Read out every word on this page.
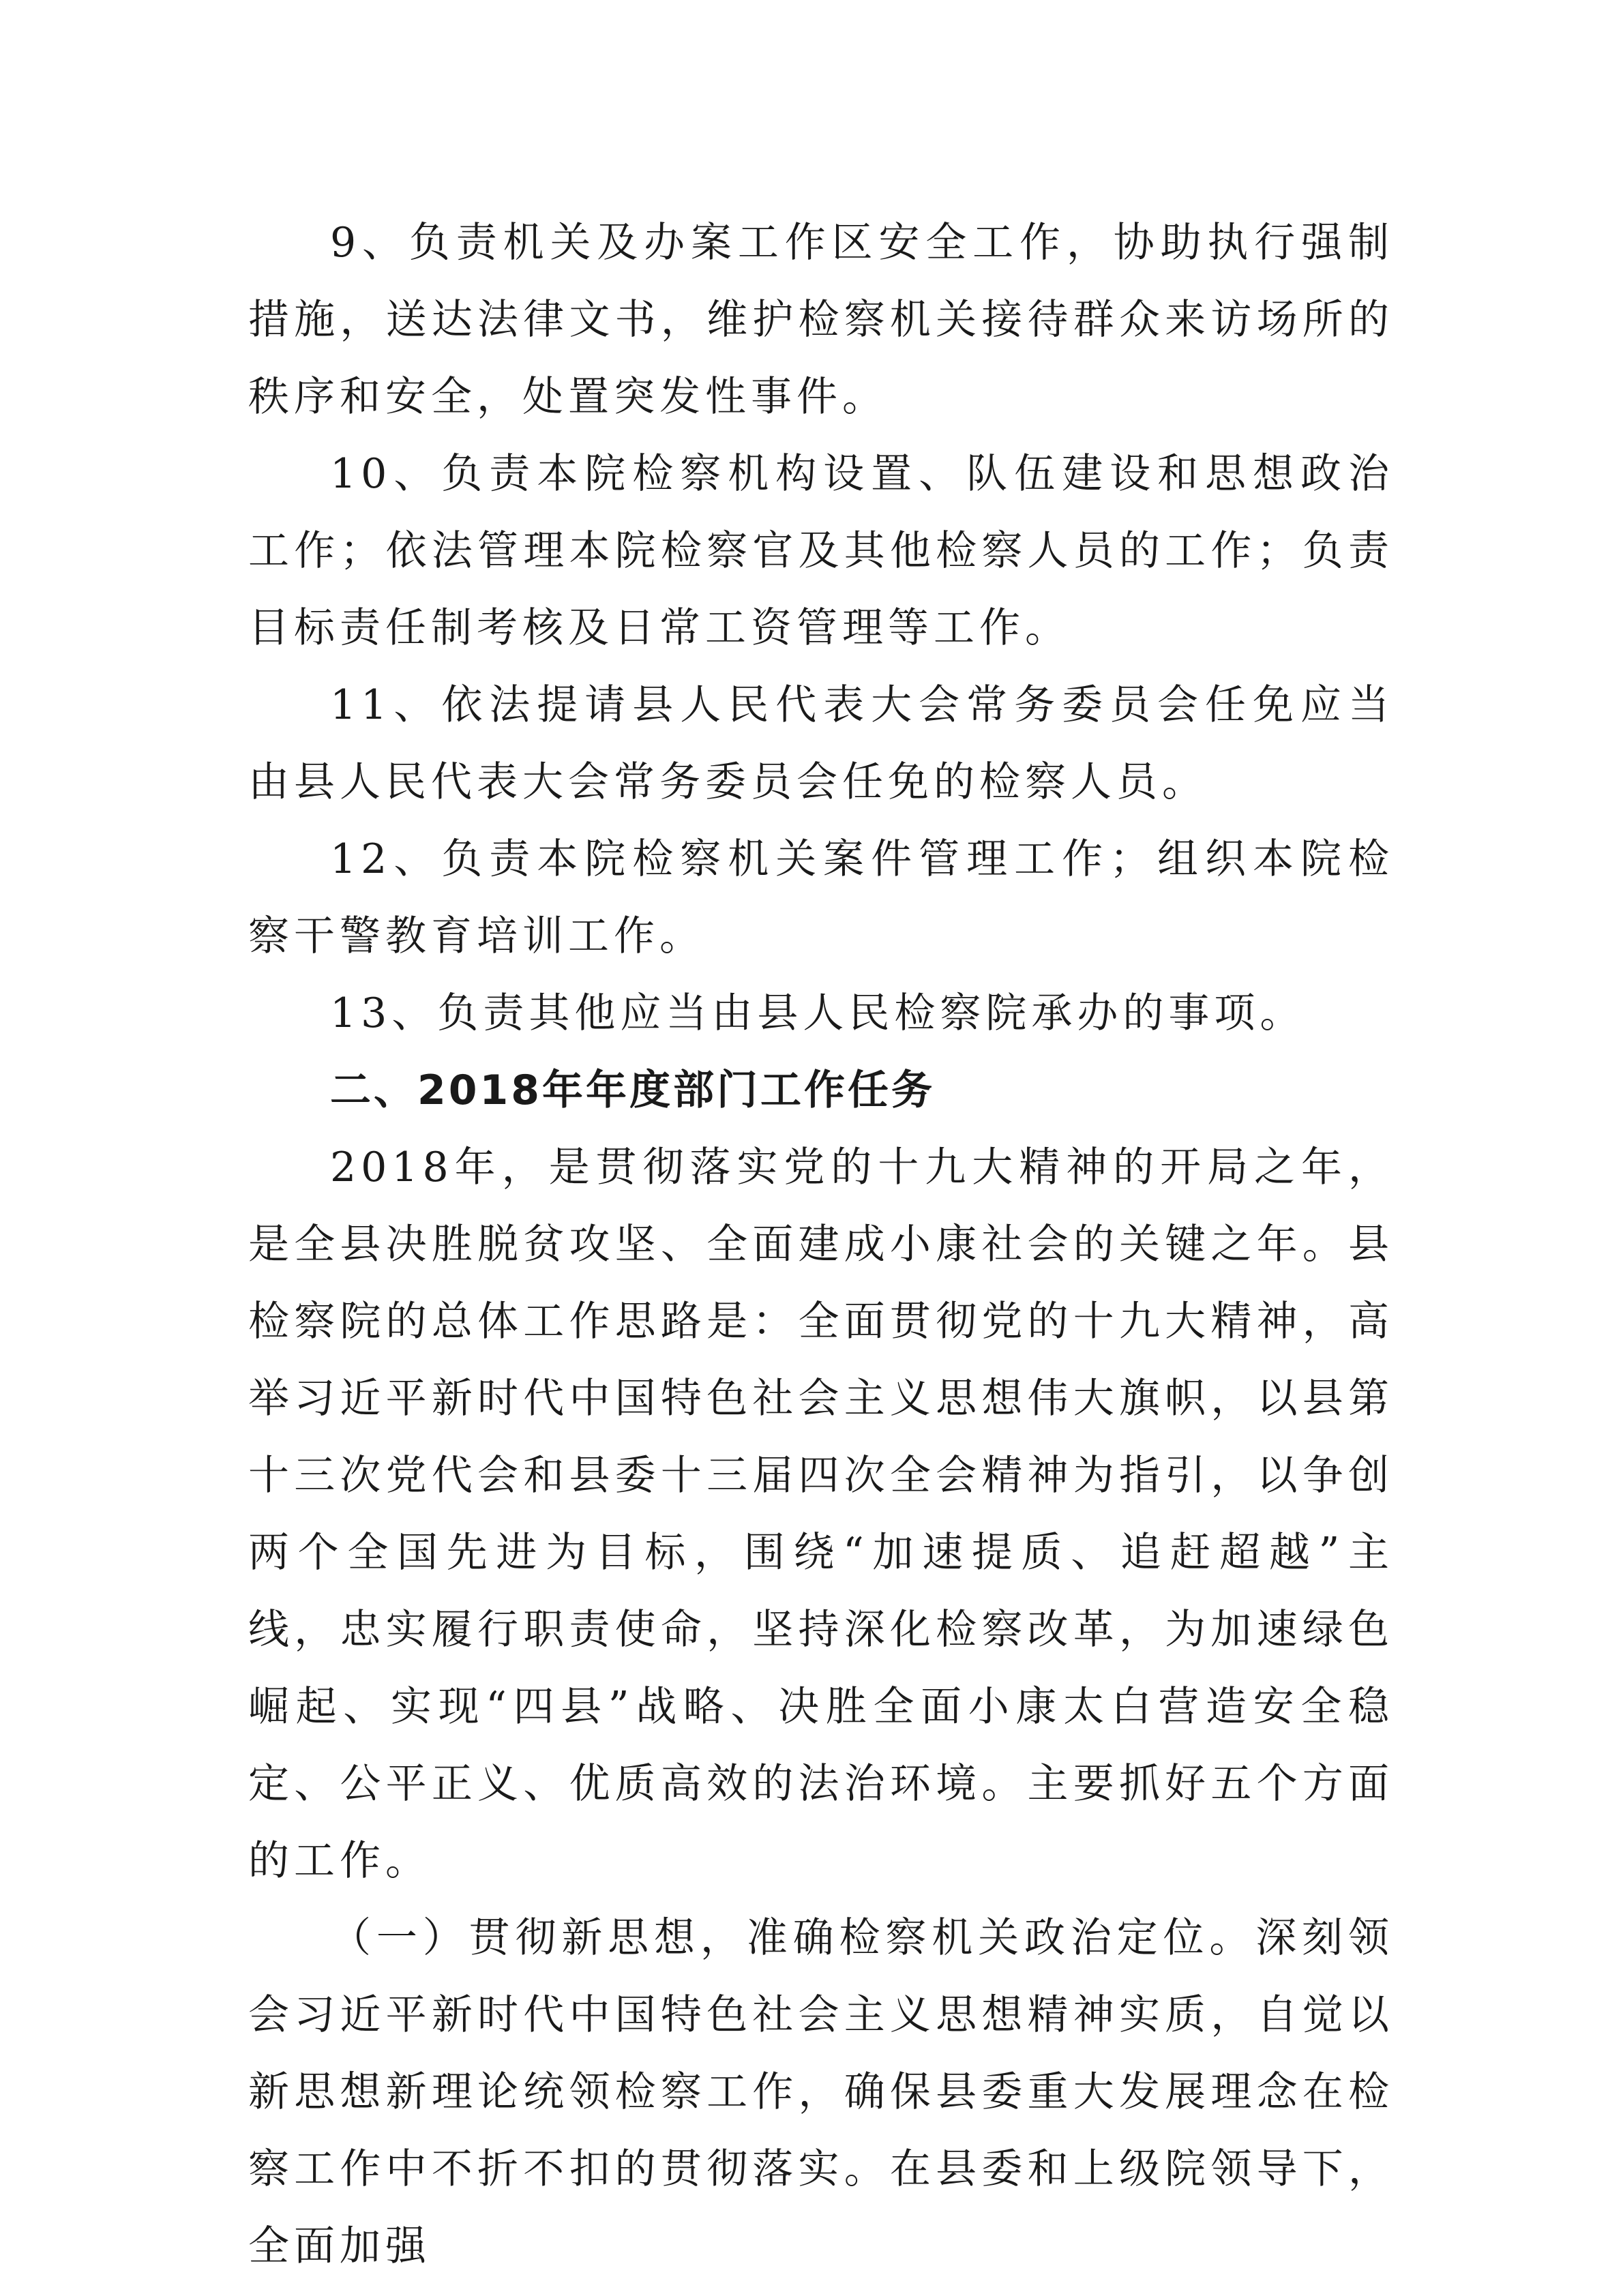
9、负责机关及办案工作区安全工作，协助执行强制措施，送达法律文书，维护检察机关接待群众来访场所的秩序和安全，处置突发性事件。

10、负责本院检察机构设置、队伍建设和思想政治工作；依法管理本院检察官及其他检察人员的工作；负责目标责任制考核及日常工资管理等工作。

11、依法提请县人民代表大会常务委员会任免应当由县人民代表大会常务委员会任免的检察人员。

12、负责本院检察机关案件管理工作；组织本院检察干警教育培训工作。

13、负责其他应当由县人民检察院承办的事项。

二、2018年年度部门工作任务

2018年，是贯彻落实党的十九大精神的开局之年，是全县决胜脱贫攻坚、全面建成小康社会的关键之年。县检察院的总体工作思路是：全面贯彻党的十九大精神，高举习近平新时代中国特色社会主义思想伟大旗帜，以县第十三次党代会和县委十三届四次全会精神为指引，以争创两个全国先进为目标，围绕“加速提质、追赶超越”主线，忠实履行职责使命，坚持深化检察改革，为加速绿色崛起、实现“四县”战略、决胜全面小康太白营造安全稳定、公平正义、优质高效的法治环境。主要抓好五个方面的工作。

（一）贯彻新思想，准确检察机关政治定位。深刻领会习近平新时代中国特色社会主义思想精神实质，自觉以新思想新理论统领检察工作，确保县委重大发展理念在检察工作中不折不扣的贯彻落实。在县委和上级院领导下，全面加强
